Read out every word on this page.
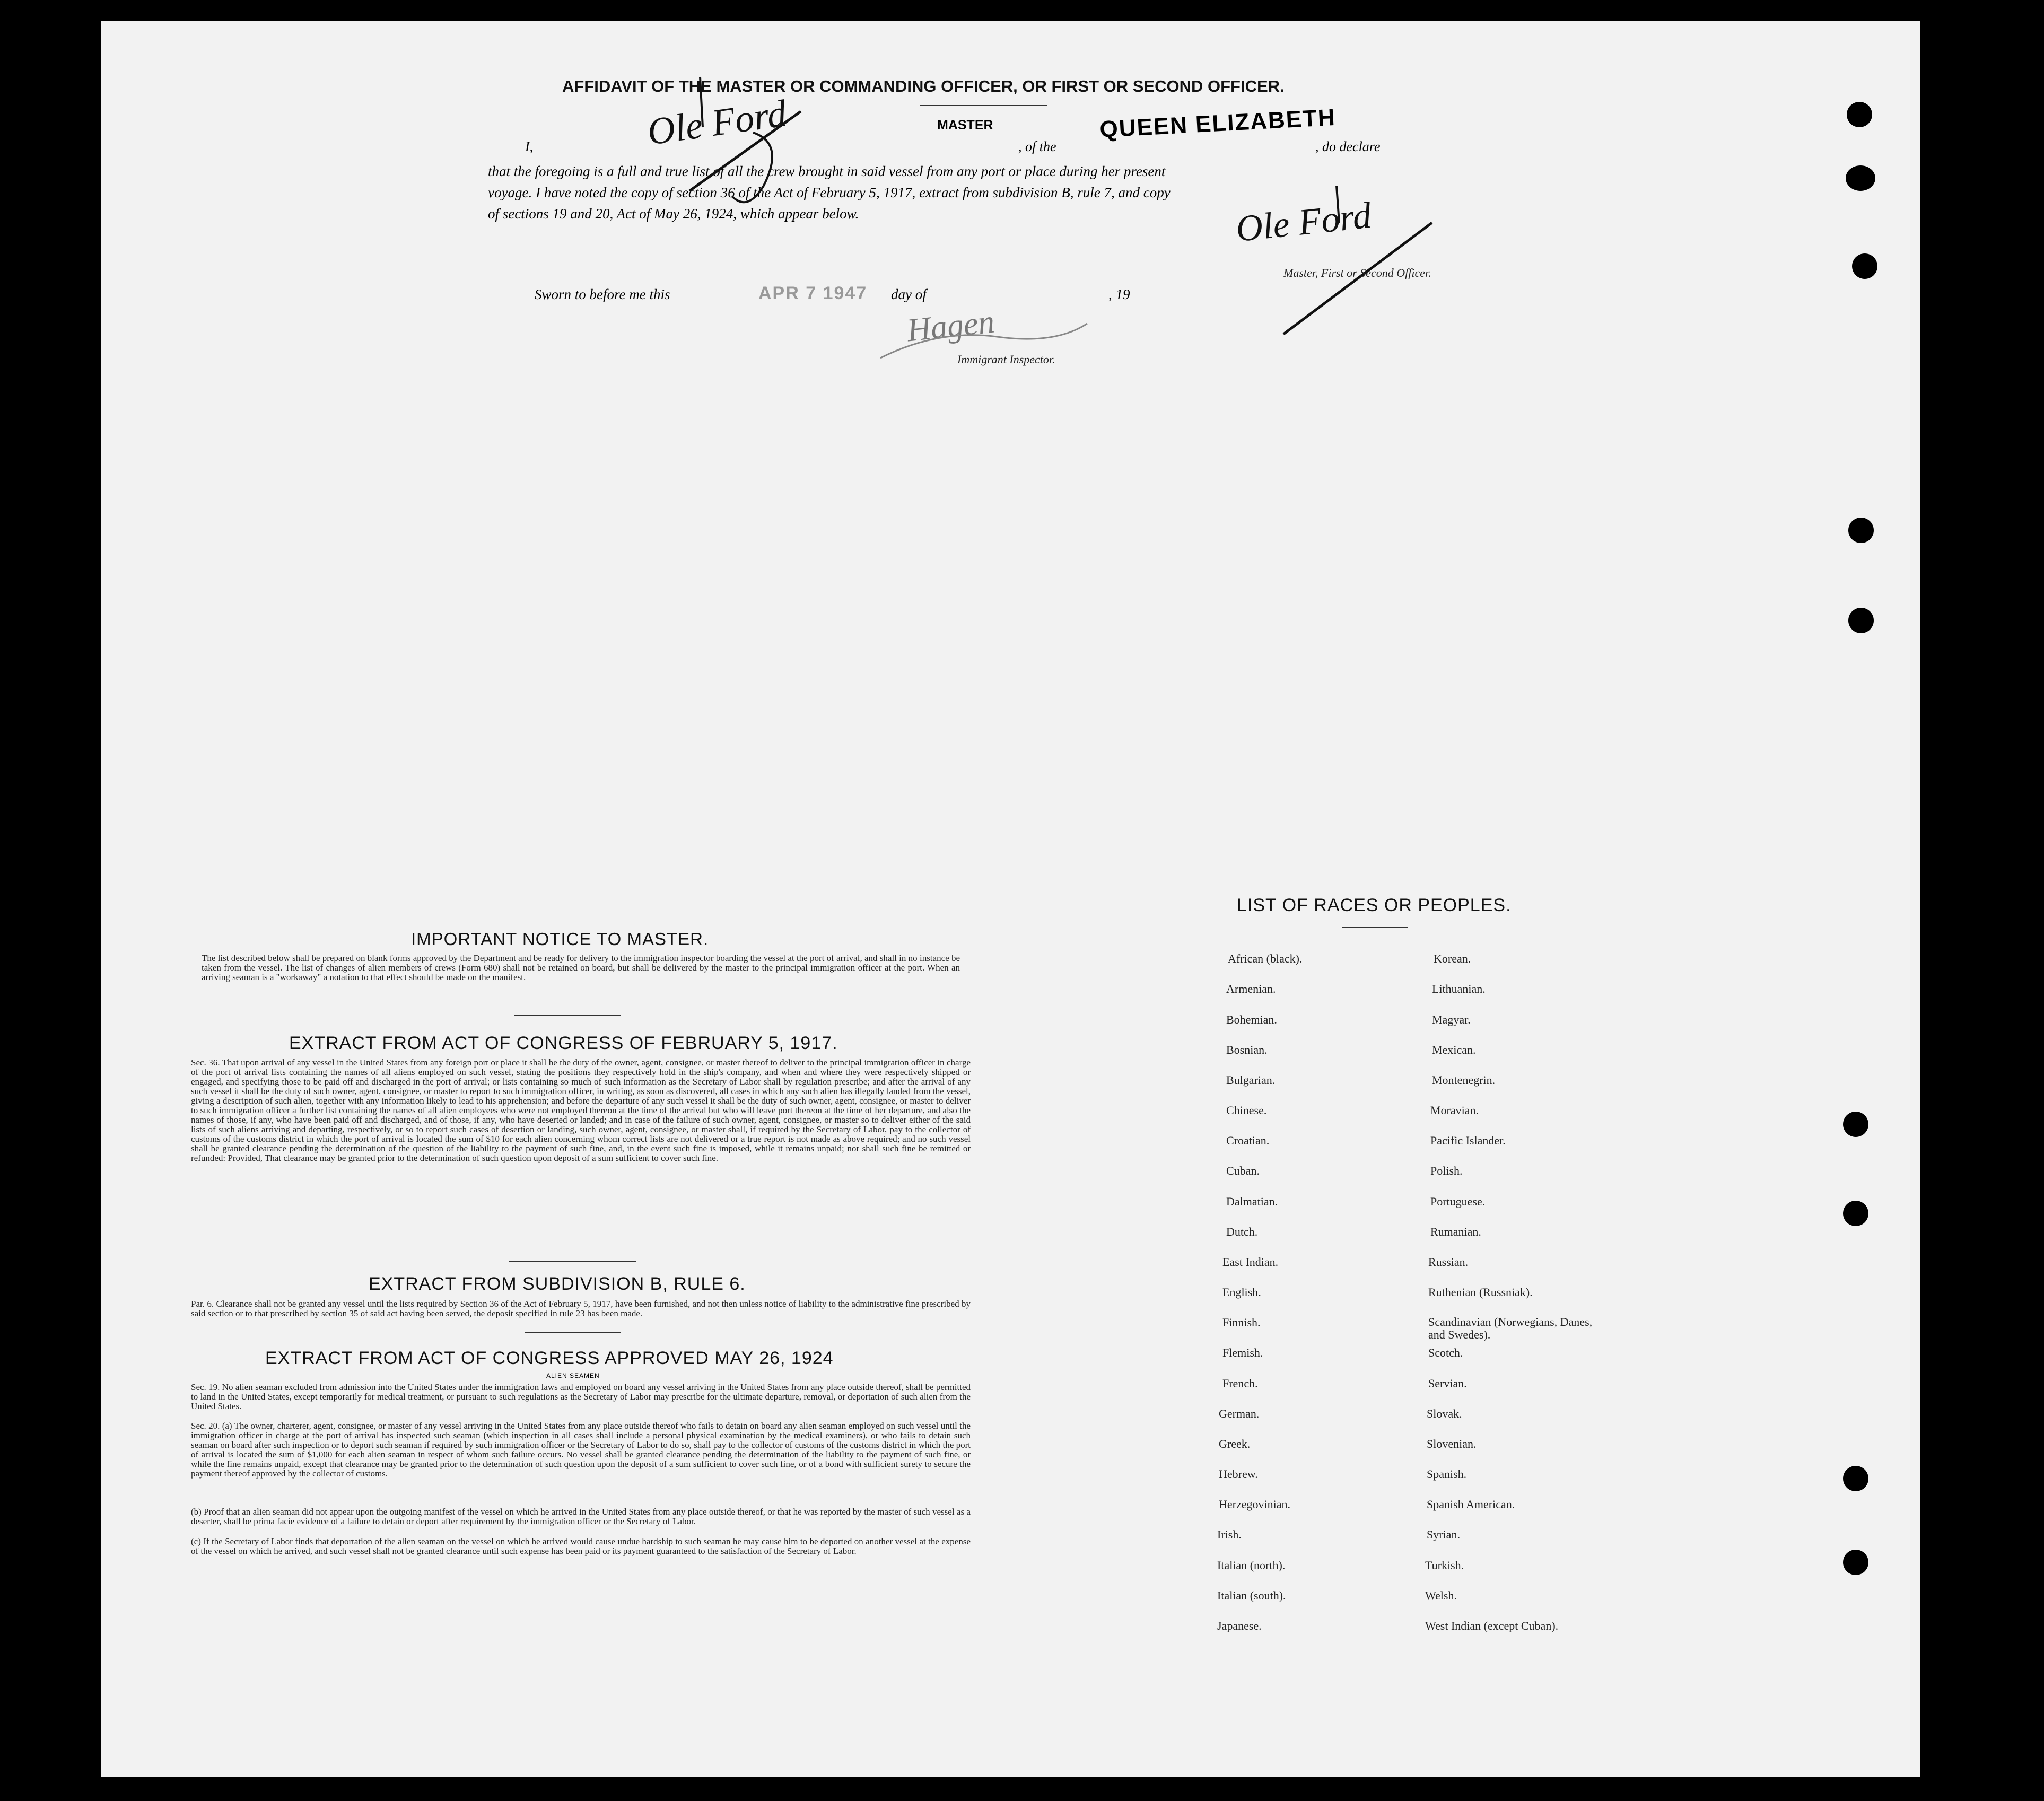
AFFIDAVIT OF THE MASTER OR COMMANDING OFFICER, OR FIRST OR SECOND OFFICER.
I,
MASTER
, of the
QUEEN ELIZABETH
, do declare
that the foregoing is a full and true list of all the crew brought in said vessel from any port or place during her present
voyage. I have noted the copy of section 36 of the Act of February 5, 1917, extract from subdivision B, rule 7, and copy
of sections 19 and 20, Act of May 26, 1924, which appear below.
Ole Ford
Ole Ford
Master, First or Second Officer.
Sworn to before me this	APR 7 1947 day of	, 19
Hagen
Immigrant Inspector.
IMPORTANT NOTICE TO MASTER.

The list described below shall be prepared on blank forms approved by the Department and be ready for delivery to the immigration inspector boarding the vessel at the port of arrival, and shall in no instance be taken from the vessel. The list of changes of alien members of crews (Form 680) shall not be retained on board, but shall be delivered by the master to the principal immigration officer at the port. When an arriving seaman is a "workaway" a notation to that effect should be made on the manifest.

EXTRACT FROM ACT OF CONGRESS OF FEBRUARY 5, 1917.

Sec. 36. That upon arrival of any vessel in the United States from any foreign port or place it shall be the duty of the owner, agent, consignee, or master thereof to deliver to the principal immigration officer in charge of the port of arrival lists containing the names of all aliens employed on such vessel, stating the positions they respectively hold in the ship's company, and when and where they were respectively shipped or engaged, and specifying those to be paid off and discharged in the port of arrival; or lists containing so much of such information as the Secretary of Labor shall by regulation prescribe; and after the arrival of any such vessel it shall be the duty of such owner, agent, consignee, or master to report to such immigration officer, in writing, as soon as discovered, all cases in which any such alien has illegally landed from the vessel, giving a description of such alien, together with any information likely to lead to his apprehension; and before the departure of any such vessel it shall be the duty of such owner, agent, consignee, or master to deliver to such immigration officer a further list containing the names of all alien employees who were not employed thereon at the time of the arrival but who will leave port thereon at the time of her departure, and also the names of those, if any, who have been paid off and discharged, and of those, if any, who have deserted or landed; and in case of the failure of such owner, agent, consignee, or master so to deliver either of the said lists of such aliens arriving and departing, respectively, or so to report such cases of desertion or landing, such owner, agent, consignee, or master shall, if required by the Secretary of Labor, pay to the collector of customs of the customs district in which the port of arrival is located the sum of $10 for each alien concerning whom correct lists are not delivered or a true report is not made as above required; and no such vessel shall be granted clearance pending the determination of the question of the liability to the payment of such fine, and, in the event such fine is imposed, while it remains unpaid; nor shall such fine be remitted or refunded: Provided, That clearance may be granted prior to the determination of such question upon deposit of a sum sufficient to cover such fine.

EXTRACT FROM SUBDIVISION B, RULE 6.

Par. 6. Clearance shall not be granted any vessel until the lists required by Section 36 of the Act of February 5, 1917, have been furnished, and not then unless notice of liability to the administrative fine prescribed by said section or to that prescribed by section 35 of said act having been served, the deposit specified in rule 23 has been made.

EXTRACT FROM ACT OF CONGRESS APPROVED MAY 26, 1924
ALIEN SEAMEN

Sec. 19. No alien seaman excluded from admission into the United States under the immigration laws and employed on board any vessel arriving in the United States from any place outside thereof, shall be permitted to land in the United States, except temporarily for medical treatment, or pursuant to such regulations as the Secretary of Labor may prescribe for the ultimate departure, removal, or deportation of such alien from the United States.

Sec. 20. (a) The owner, charterer, agent, consignee, or master of any vessel arriving in the United States from any place outside thereof who fails to detain on board any alien seaman employed on such vessel until the immigration officer in charge at the port of arrival has inspected such seaman (which inspection in all cases shall include a personal physical examination by the medical examiners), or who fails to detain such seaman on board after such inspection or to deport such seaman if required by such immigration officer or the Secretary of Labor to do so, shall pay to the collector of customs of the customs district in which the port of arrival is located the sum of $1,000 for each alien seaman in respect of whom such failure occurs. No vessel shall be granted clearance pending the determination of the liability to the payment of such fine, or while the fine remains unpaid, except that clearance may be granted prior to the determination of such question upon the deposit of a sum sufficient to cover such fine, or of a bond with sufficient surety to secure the payment thereof approved by the collector of customs.

(b) Proof that an alien seaman did not appear upon the outgoing manifest of the vessel on which he arrived in the United States from any place outside thereof, or that he was reported by the master of such vessel as a deserter, shall be prima facie evidence of a failure to detain or deport after requirement by the immigration officer or the Secretary of Labor.

(c) If the Secretary of Labor finds that deportation of the alien seaman on the vessel on which he arrived would cause undue hardship to such seaman he may cause him to be deported on another vessel at the expense of the vessel on which he arrived, and such vessel shall not be granted clearance until such expense has been paid or its payment guaranteed to the satisfaction of the Secretary of Labor.

LIST OF RACES OR PEOPLES.
African (black).
Armenian.
Bohemian.
Bosnian.
Bulgarian.
Chinese.
Croatian.
Cuban.
Dalmatian.
Dutch.
East Indian.
English.
Finnish.
Flemish.
French.
German.
Greek.
Hebrew.
Herzegovinian.
Irish.
Italian (north).
Italian (south).
Japanese.
Korean.
Lithuanian.
Magyar.
Mexican.
Montenegrin.
Moravian.
Pacific Islander.
Polish.
Portuguese.
Rumanian.
Russian.
Ruthenian (Russniak).
Scandinavian (Norwegians, Danes, and Swedes).
Scotch.
Servian.
Slovak.
Slovenian.
Spanish.
Spanish American.
Syrian.
Turkish.
Welsh.
West Indian (except Cuban).
